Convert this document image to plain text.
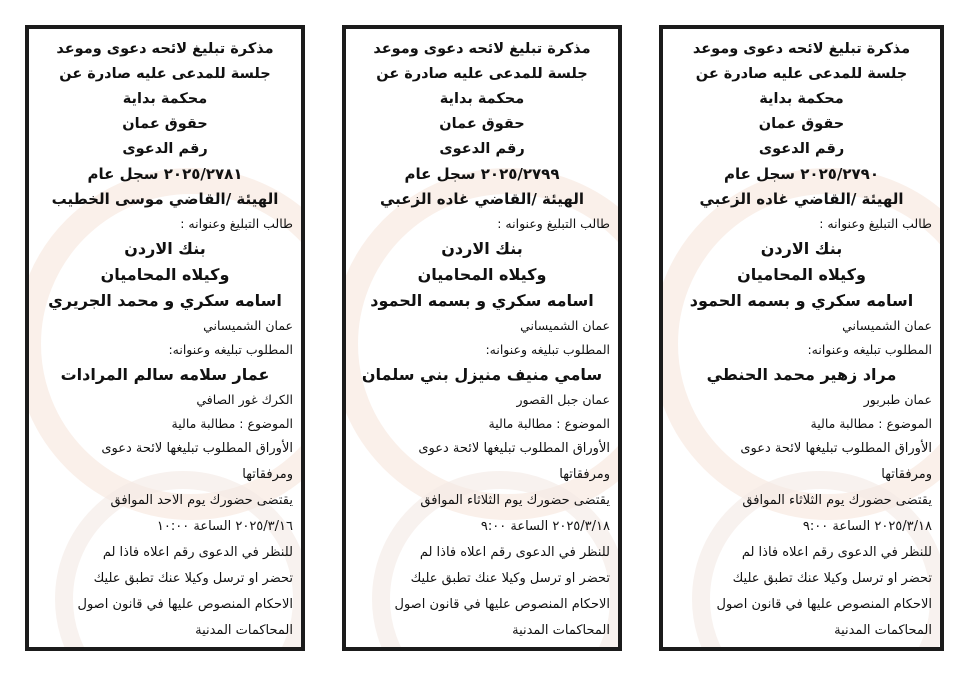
مذكرة تبليغ لائحه دعوى وموعد جلسة للمدعى عليه صادرة عن محكمة بداية
حقوق عمان
رقم الدعوى
٢٠٢٥/٢٧٨١ سجل عام
الهيئة /القاضي موسى الخطيب
طالب التبليغ وعنوانه :
بنك الاردن
وكيلاه المحاميان
اسامه سكري و محمد الجريري
عمان الشميساني
المطلوب تبليغه وعنوانه:
عمار سلامه سالم المرادات
الكرك غور الصافي
الموضوع : مطالبة مالية
الأوراق المطلوب تبليغها لائحة دعوى
ومرفقاتها
يقتضى حضورك يوم الاحد الموافق
٢٠٢٥/٣/١٦ الساعة ١٠:٠٠
للنظر في الدعوى رقم اعلاه فاذا لم
تحضر او ترسل وكيلا عنك تطبق عليك
الاحكام المنصوص عليها في قانون اصول
المحاكمات المدنية
مذكرة تبليغ لائحه دعوى وموعد جلسة للمدعى عليه صادرة عن محكمة بداية
حقوق عمان
رقم الدعوى
٢٠٢٥/٢٧٩٩ سجل عام
الهيئة /القاضي غاده الزعبي
طالب التبليغ وعنوانه :
بنك الاردن
وكيلاه المحاميان
اسامه سكري و بسمه الحمود
عمان الشميساني
المطلوب تبليغه وعنوانه:
سامي منيف منيزل بني سلمان
عمان جبل القصور
الموضوع : مطالبة مالية
الأوراق المطلوب تبليغها لائحة دعوى
ومرفقاتها
يقتضى حضورك يوم الثلاثاء الموافق
٢٠٢٥/٣/١٨ الساعة ٩:٠٠
للنظر في الدعوى رقم اعلاه فاذا لم
تحضر او ترسل وكيلا عنك تطبق عليك
الاحكام المنصوص عليها في قانون اصول
المحاكمات المدنية
مذكرة تبليغ لائحه دعوى وموعد جلسة للمدعى عليه صادرة عن محكمة بداية
حقوق عمان
رقم الدعوى
٢٠٢٥/٢٧٩٠ سجل عام
الهيئة /القاضي غاده الزعبي
طالب التبليغ وعنوانه :
بنك الاردن
وكيلاه المحاميان
اسامه سكري و بسمه الحمود
عمان الشميساني
المطلوب تبليغه وعنوانه:
مراد زهير محمد الحنطي
عمان طبربور
الموضوع : مطالبة مالية
الأوراق المطلوب تبليغها لائحة دعوى
ومرفقاتها
يقتضى حضورك يوم الثلاثاء الموافق
٢٠٢٥/٣/١٨ الساعة ٩:٠٠
للنظر في الدعوى رقم اعلاه فاذا لم
تحضر او ترسل وكيلا عنك تطبق عليك
الاحكام المنصوص عليها في قانون اصول
المحاكمات المدنية
